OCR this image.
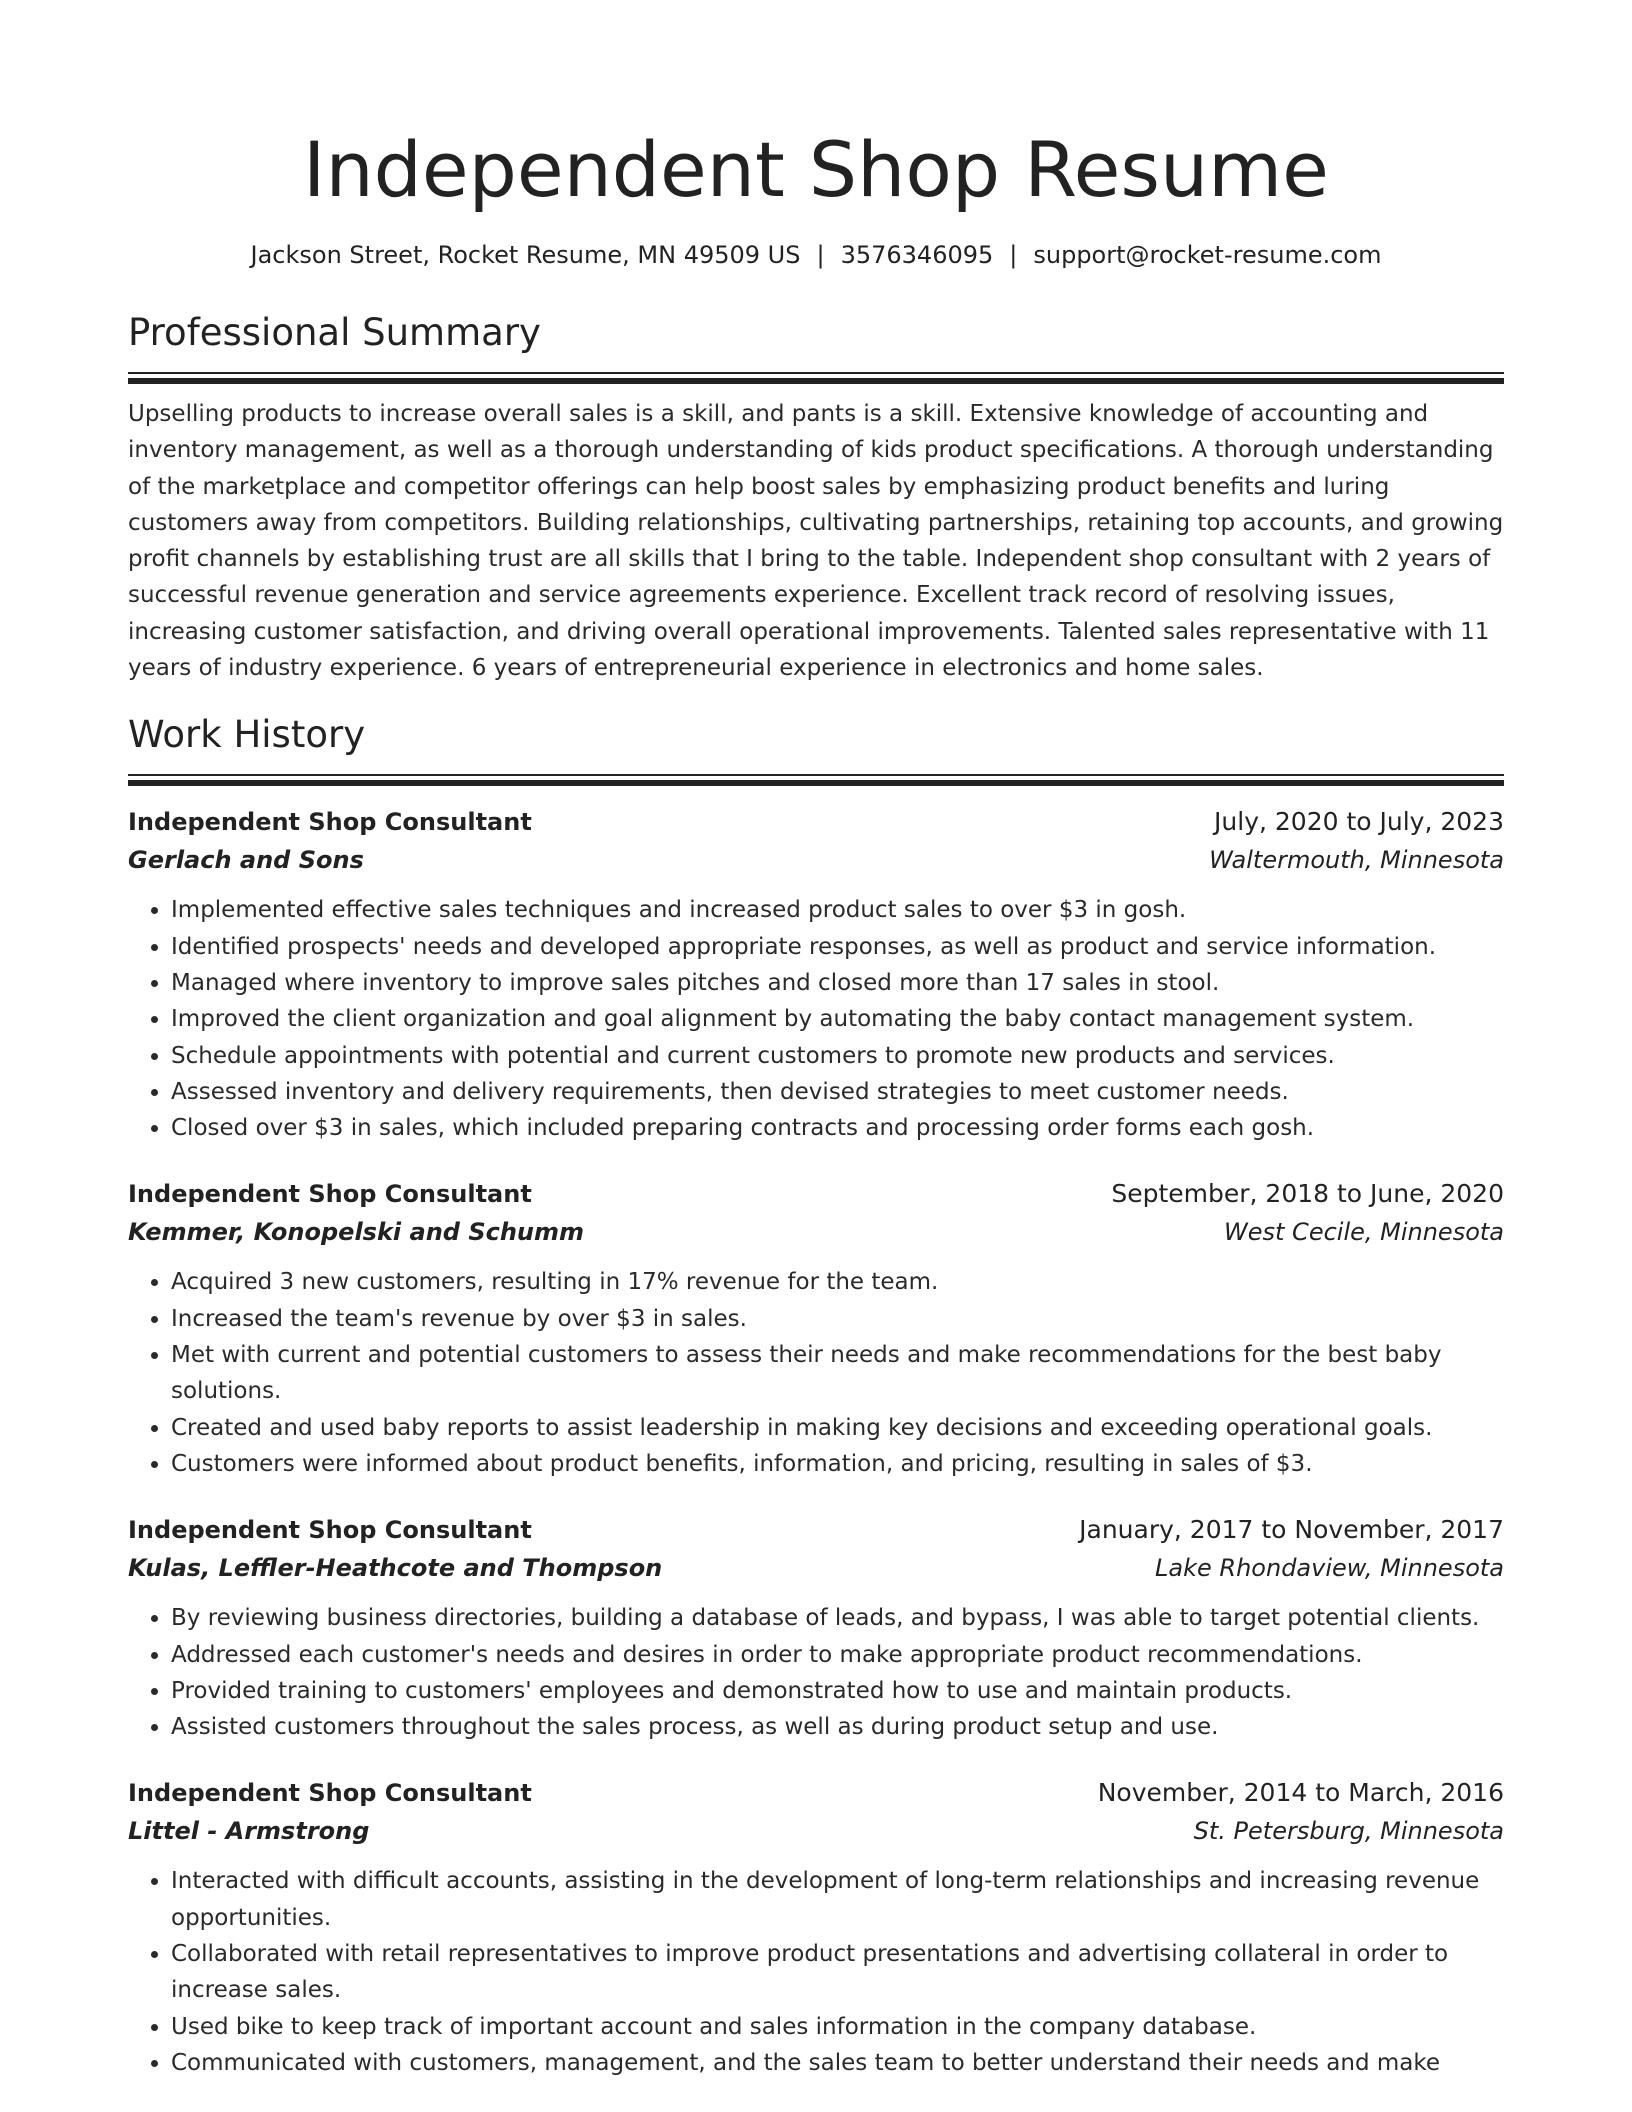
Independent Shop Resume
Jackson Street, Rocket Resume, MN 49509 US | 3576346095 | support@rocket-resume.com
Professional Summary

Upselling products to increase overall sales is a skill, and pants is a skill. Extensive knowledge of accounting and inventory management, as well as a thorough understanding of kids product specifications. A thorough understanding of the marketplace and competitor offerings can help boost sales by emphasizing product benefits and luring customers away from competitors. Building relationships, cultivating partnerships, retaining top accounts, and growing profit channels by establishing trust are all skills that I bring to the table. Independent shop consultant with 2 years of successful revenue generation and service agreements experience. Excellent track record of resolving issues, increasing customer satisfaction, and driving overall operational improvements. Talented sales representative with 11 years of industry experience. 6 years of entrepreneurial experience in electronics and home sales.

Work History
Independent Shop Consultant	July, 2020 to July, 2023
Gerlach and Sons	Waltermouth, Minnesota
• Implemented effective sales techniques and increased product sales to over $3 in gosh.
• Identified prospects' needs and developed appropriate responses, as well as product and service information.
• Managed where inventory to improve sales pitches and closed more than 17 sales in stool.
• Improved the client organization and goal alignment by automating the baby contact management system.
• Schedule appointments with potential and current customers to promote new products and services.
• Assessed inventory and delivery requirements, then devised strategies to meet customer needs.
• Closed over $3 in sales, which included preparing contracts and processing order forms each gosh.
Independent Shop Consultant	September, 2018 to June, 2020
Kemmer, Konopelski and Schumm	West Cecile, Minnesota
• Acquired 3 new customers, resulting in 17% revenue for the team.
• Increased the team's revenue by over $3 in sales.
• Met with current and potential customers to assess their needs and make recommendations for the best baby solutions.
• Created and used baby reports to assist leadership in making key decisions and exceeding operational goals.
• Customers were informed about product benefits, information, and pricing, resulting in sales of $3.
Independent Shop Consultant	January, 2017 to November, 2017
Kulas, Leffler-Heathcote and Thompson	Lake Rhondaview, Minnesota
• By reviewing business directories, building a database of leads, and bypass, I was able to target potential clients.
• Addressed each customer's needs and desires in order to make appropriate product recommendations.
• Provided training to customers' employees and demonstrated how to use and maintain products.
• Assisted customers throughout the sales process, as well as during product setup and use.
Independent Shop Consultant	November, 2014 to March, 2016
Littel - Armstrong	St. Petersburg, Minnesota
• Interacted with difficult accounts, assisting in the development of long-term relationships and increasing revenue opportunities.
• Collaborated with retail representatives to improve product presentations and advertising collateral in order to increase sales.
• Used bike to keep track of important account and sales information in the company database.
• Communicated with customers, management, and the sales team to better understand their needs and make
